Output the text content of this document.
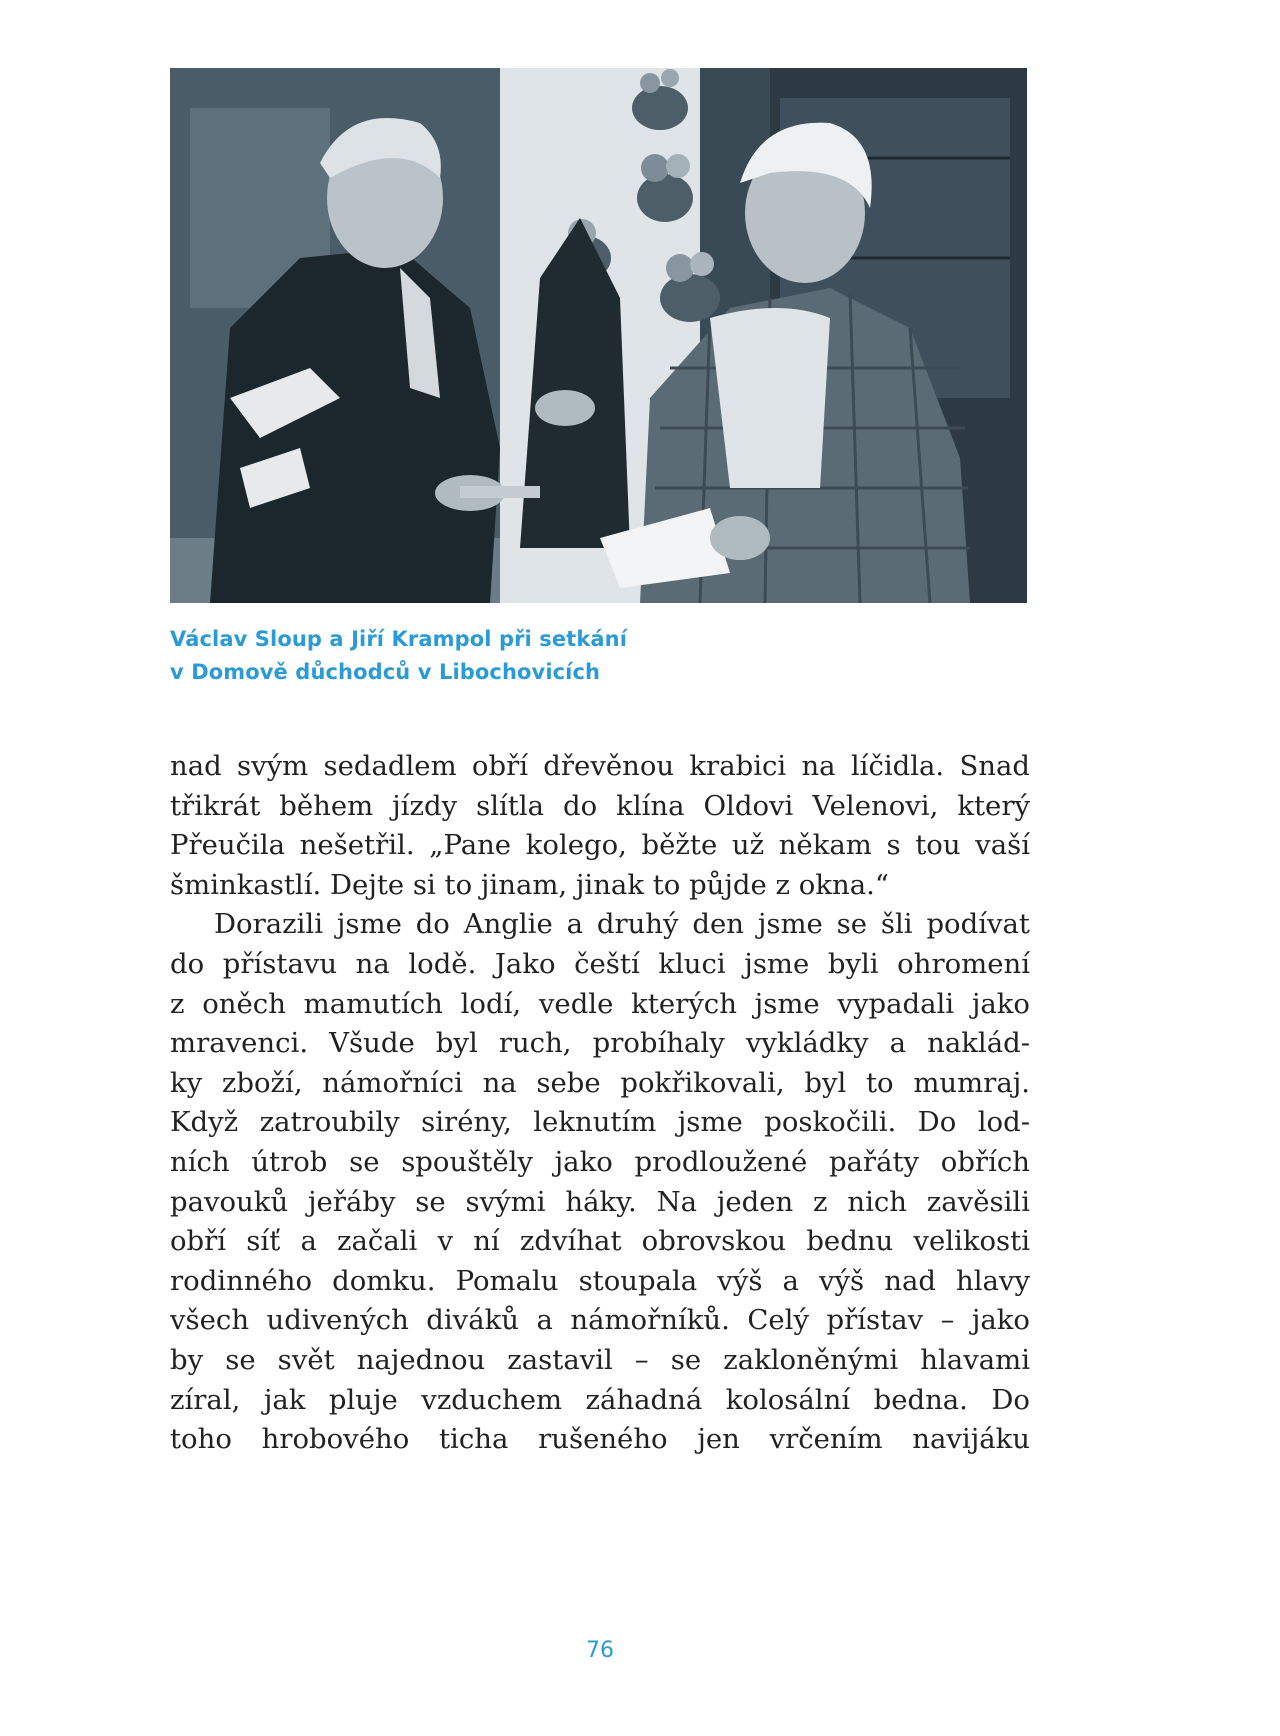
Václav Sloup a Jiří Krampol při setkání
v Domově důchodců v Libochovicích
nad svým sedadlem obří dřevěnou krabici na líčidla. Snad
třikrát během jízdy slítla do klína Oldovi Velenovi, který
Přeučila nešetřil. „Pane kolego, běžte už někam s tou vaší
šminkastlí. Dejte si to jinam, jinak to půjde z okna.“
Dorazili jsme do Anglie a druhý den jsme se šli podívat
do přístavu na lodě. Jako čeští kluci jsme byli ohromení
z oněch mamutích lodí, vedle kterých jsme vypadali jako
mravenci. Všude byl ruch, probíhaly vykládky a naklád-
ky zboží, námořníci na sebe pokřikovali, byl to mumraj.
Když zatroubily sirény, leknutím jsme poskočili. Do lod-
ních útrob se spouštěly jako prodloužené pařáty obřích
pavouků jeřáby se svými háky. Na jeden z nich zavěsili
obří síť a začali v ní zdvíhat obrovskou bednu velikosti
rodinného domku. Pomalu stoupala výš a výš nad hlavy
všech udivených diváků a námořníků. Celý přístav – jako
by se svět najednou zastavil – se zakloněnými hlavami
zíral, jak pluje vzduchem záhadná kolosální bedna. Do
toho hrobového ticha rušeného jen vrčením navijáku
76
